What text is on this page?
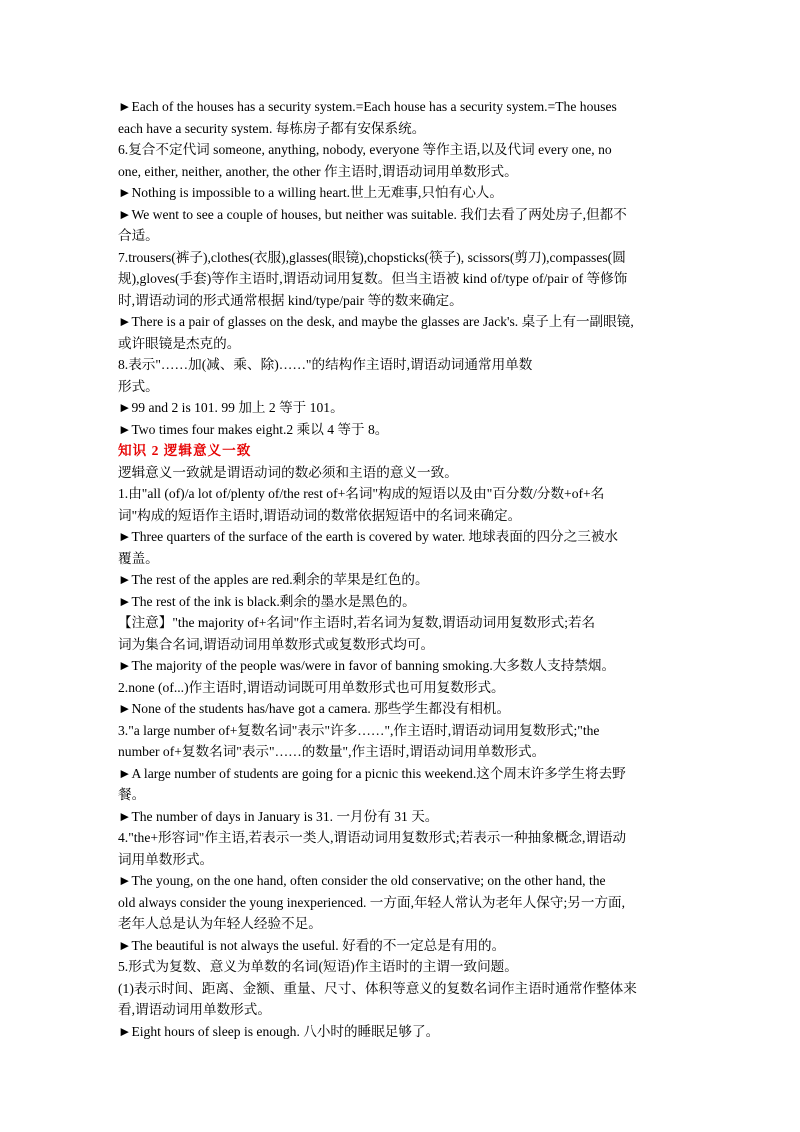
►Each of the houses has a security system.=Each house has a security system.=The houses
each have a security system. 每栋房子都有安保系统。
6.复合不定代词 someone, anything, nobody, everyone 等作主语,以及代词 every one, no
one, either, neither, another, the other 作主语时,谓语动词用单数形式。
►Nothing is impossible to a willing heart.世上无难事,只怕有心人。
►We went to see a couple of houses, but neither was suitable. 我们去看了两处房子,但都不
合适。
7.trousers(裤子),clothes(衣服),glasses(眼镜),chopsticks(筷子), scissors(剪刀),compasses(圆
规),gloves(手套)等作主语时,谓语动词用复数。但当主语被 kind of/type of/pair of 等修饰
时,谓语动词的形式通常根据 kind/type/pair 等的数来确定。
►There is a pair of glasses on the desk, and maybe the glasses are Jack's. 桌子上有一副眼镜,
或许眼镜是杰克的。
8.表示"……加(减、乘、除)……"的结构作主语时,谓语动词通常用单数
形式。
►99 and 2 is 101. 99 加上 2 等于 101。
►Two times four makes eight.2 乘以 4 等于 8。
知识 2 逻辑意义一致
逻辑意义一致就是谓语动词的数必须和主语的意义一致。
1.由"all (of)/a lot of/plenty of/the rest of+名词"构成的短语以及由"百分数/分数+of+名
词"构成的短语作主语时,谓语动词的数常依据短语中的名词来确定。
►Three quarters of the surface of the earth is covered by water. 地球表面的四分之三被水
覆盖。
►The rest of the apples are red.剩余的苹果是红色的。
►The rest of the ink is black.剩余的墨水是黑色的。
【注意】"the majority of+名词"作主语时,若名词为复数,谓语动词用复数形式;若名
词为集合名词,谓语动词用单数形式或复数形式均可。
►The majority of the people was/were in favor of banning smoking.大多数人支持禁烟。
2.none (of...)作主语时,谓语动词既可用单数形式也可用复数形式。
►None of the students has/have got a camera. 那些学生都没有相机。
3."a large number of+复数名词"表示"许多……",作主语时,谓语动词用复数形式;"the
number of+复数名词"表示"……的数量",作主语时,谓语动词用单数形式。
►A large number of students are going for a picnic this weekend.这个周末许多学生将去野
餐。
►The number of days in January is 31. 一月份有 31 天。
4."the+形容词"作主语,若表示一类人,谓语动词用复数形式;若表示一种抽象概念,谓语动
词用单数形式。
►The young, on the one hand, often consider the old conservative; on the other hand, the
old always consider the young inexperienced. 一方面,年轻人常认为老年人保守;另一方面,
老年人总是认为年轻人经验不足。
►The beautiful is not always the useful. 好看的不一定总是有用的。
5.形式为复数、意义为单数的名词(短语)作主语时的主谓一致问题。
(1)表示时间、距离、金额、重量、尺寸、体积等意义的复数名词作主语时通常作整体来
看,谓语动词用单数形式。
►Eight hours of sleep is enough. 八小时的睡眠足够了。
